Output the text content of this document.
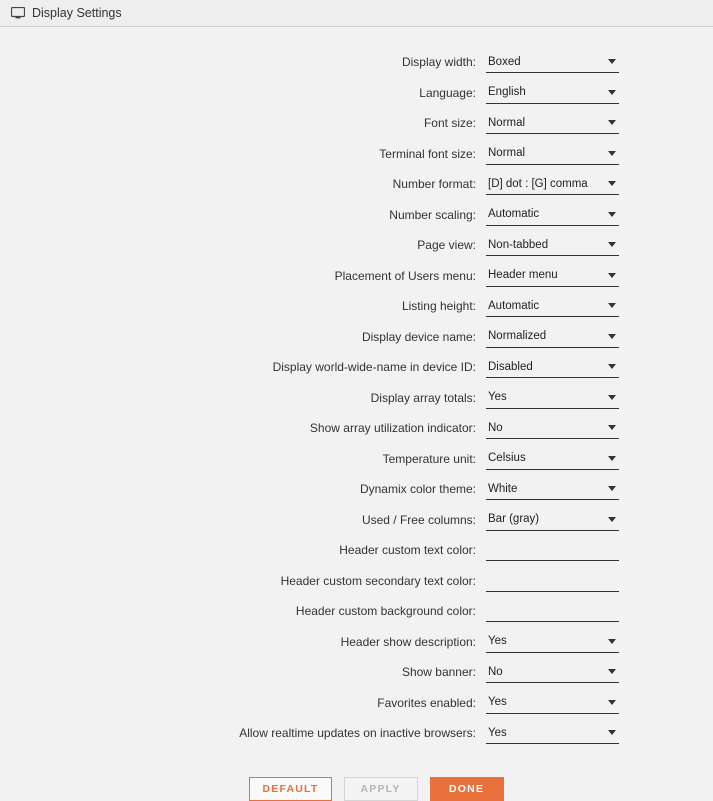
Display Settings
Display width:	Boxed
Language:	English
Font size:	Normal
Terminal font size:	Normal
Number format:	[D] dot : [G] comma
Number scaling:	Automatic
Page view:	Non-tabbed
Placement of Users menu:	Header menu
Listing height:	Automatic
Display device name:	Normalized
Display world-wide-name in device ID:	Disabled
Display array totals:	Yes
Show array utilization indicator:	No
Temperature unit:	Celsius
Dynamix color theme:	White
Used / Free columns:	Bar (gray)
Header custom text color:
Header custom secondary text color:
Header custom background color:
Header show description:	Yes
Show banner:	No
Favorites enabled:	Yes
Allow realtime updates on inactive browsers:	Yes
DEFAULT	APPLY	DONE
